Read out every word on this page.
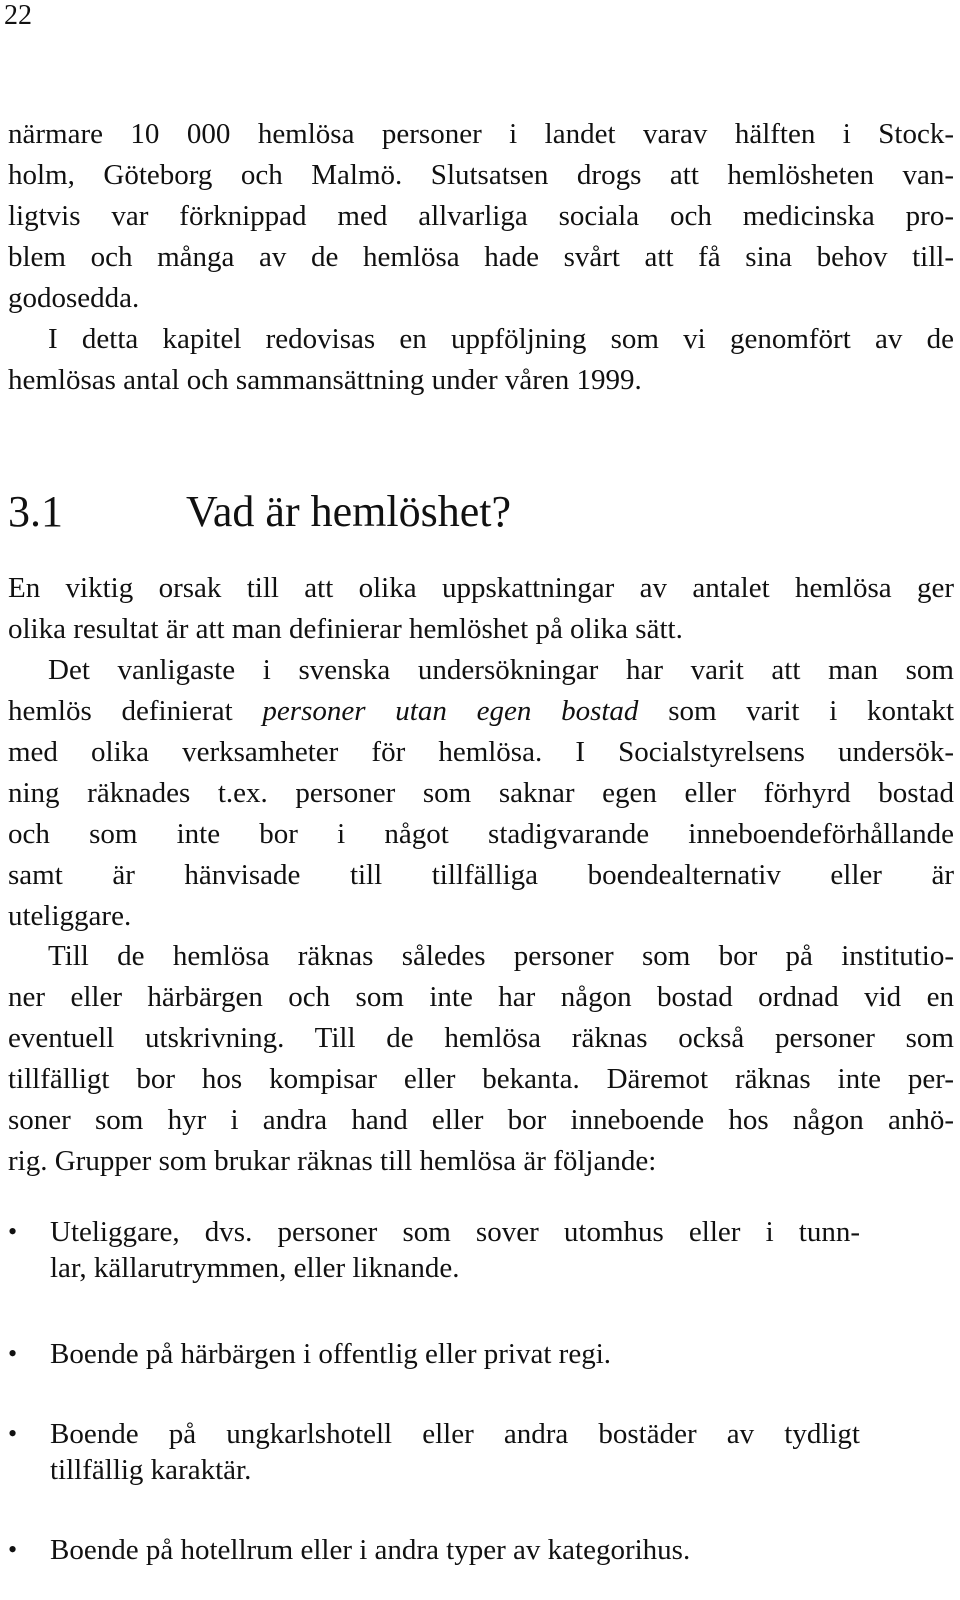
22
närmare 10 000 hemlösa personer i landet varav hälften i Stock-
holm, Göteborg och Malmö. Slutsatsen drogs att hemlösheten van-
ligtvis var förknippad med allvarliga sociala och medicinska pro-
blem och många av de hemlösa hade svårt att få sina behov till-
godosedda.
I detta kapitel redovisas en uppföljning som vi genomfört av de
hemlösas antal och sammansättning under våren 1999.
3.1	Vad är hemlöshet?
En viktig orsak till att olika uppskattningar av antalet hemlösa ger
olika resultat är att man definierar hemlöshet på olika sätt.
Det vanligaste i svenska undersökningar har varit att man som
hemlös definierat personer utan egen bostad som varit i kontakt
med olika verksamheter för hemlösa. I Socialstyrelsens undersök-
ning räknades t.ex. personer som saknar egen eller förhyrd bostad
och som inte bor i något stadigvarande inneboendeförhållande
samt är hänvisade till tillfälliga boendealternativ eller är
uteliggare.
Till de hemlösa räknas således personer som bor på institutio-
ner eller härbärgen och som inte har någon bostad ordnad vid en
eventuell utskrivning. Till de hemlösa räknas också personer som
tillfälligt bor hos kompisar eller bekanta. Däremot räknas inte per-
soner som hyr i andra hand eller bor inneboende hos någon anhö-
rig. Grupper som brukar räknas till hemlösa är följande:
•	Uteliggare, dvs. personer som sover utomhus eller i tunn-
lar, källarutrymmen, eller liknande.
•	Boende på härbärgen i offentlig eller privat regi.
•	Boende på ungkarlshotell eller andra bostäder av tydligt
tillfällig karaktär.
•	Boende på hotellrum eller i andra typer av kategorihus.
